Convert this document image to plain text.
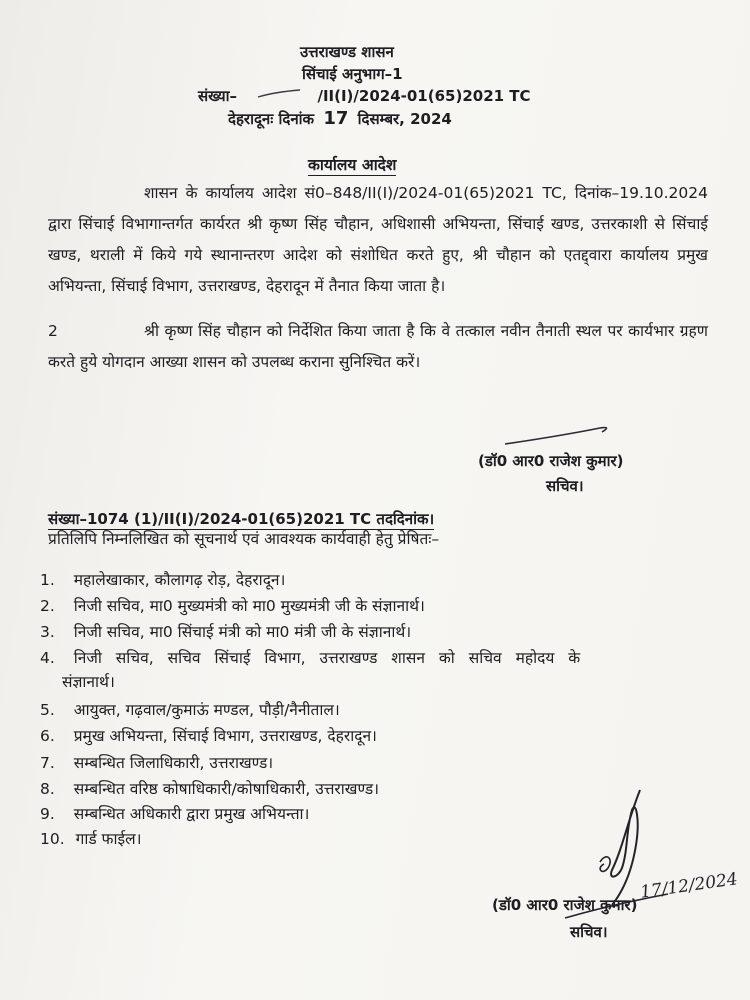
उत्तराखण्ड शासन
सिंचाई अनुभाग–1
संख्या–	/II(I)/2024-01(65)2021 TC
देहरादूनः दिनांक 17 दिसम्बर, 2024
कार्यालय आदेश
शासन के कार्यालय आदेश सं0–848/II(I)/2024-01(65)2021 TC, दिनांक–19.10.2024 द्वारा सिंचाई विभागान्तर्गत कार्यरत श्री कृष्ण सिंह चौहान, अधिशासी अभियन्ता, सिंचाई खण्ड, उत्तरकाशी से सिंचाई खण्ड, थराली में किये गये स्थानान्तरण आदेश को संशोधित करते हुए, श्री चौहान को एतद्द्वारा कार्यालय प्रमुख अभियन्ता, सिंचाई विभाग, उत्तराखण्ड, देहरादून में तैनात किया जाता है।
2	श्री कृष्ण सिंह चौहान को निर्देशित किया जाता है कि वे तत्काल नवीन तैनाती स्थल पर कार्यभार ग्रहण करते हुये योगदान आख्या शासन को उपलब्ध कराना सुनिश्चित करें।
(डॉ0 आर0 राजेश कुमार)
सचिव।
संख्या–1074 (1)/II(I)/2024-01(65)2021 TC तददिनांक।
प्रतिलिपि निम्नलिखित को सूचनार्थ एवं आवश्यक कार्यवाही हेतु प्रेषितः–
1. महालेखाकार, कौलागढ़ रोड़, देहरादून।
2. निजी सचिव, मा0 मुख्यमंत्री को मा0 मुख्यमंत्री जी के संज्ञानार्थ।
3. निजी सचिव, मा0 सिंचाई मंत्री को मा0 मंत्री जी के संज्ञानार्थ।
4. निजी सचिव, सचिव सिंचाई विभाग, उत्तराखण्ड शासन को सचिव महोदय के
संज्ञानार्थ।
5. आयुक्त, गढ़वाल/कुमाऊं मण्डल, पौड़ी/नैनीताल।
6. प्रमुख अभियन्ता, सिंचाई विभाग, उत्तराखण्ड, देहरादून।
7. सम्बन्धित जिलाधिकारी, उत्तराखण्ड।
8. सम्बन्धित वरिष्ठ कोषाधिकारी/कोषाधिकारी, उत्तराखण्ड।
9. सम्बन्धित अधिकारी द्वारा प्रमुख अभियन्ता।
10. गार्ड फाईल।
(डॉ0 आर0 राजेश कुमार)
सचिव।
17/12/2024
